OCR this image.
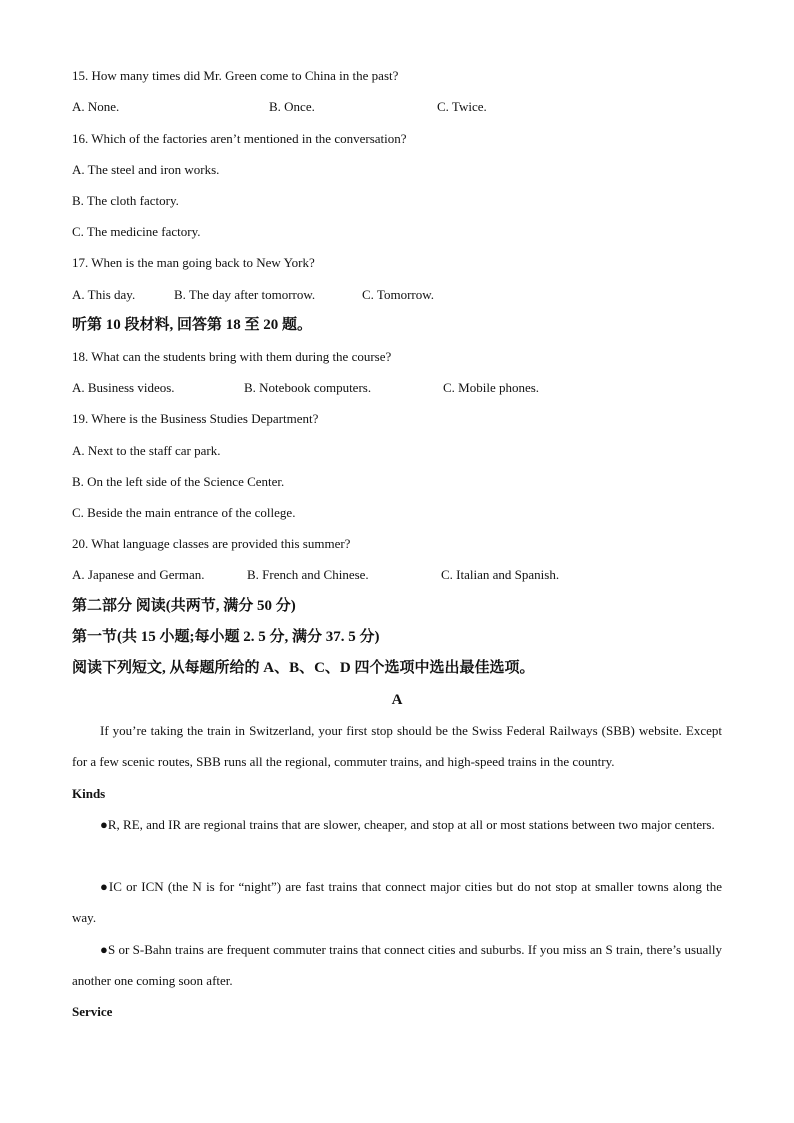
15. How many times did Mr. Green come to China in the past?
A. None.	B. Once.	C. Twice.
16. Which of the factories aren’t mentioned in the conversation?
A. The steel and iron works.
B. The cloth factory.
C. The medicine factory.
17. When is the man going back to New York?
A. This day.	B. The day after tomorrow.	C. Tomorrow.
听第 10 段材料, 回答第 18 至 20 题。
18. What can the students bring with them during the course?
A. Business videos.	B. Notebook computers.	C. Mobile phones.
19. Where is the Business Studies Department?
A. Next to the staff car park.
B. On the left side of the Science Center.
C. Beside the main entrance of the college.
20. What language classes are provided this summer?
A. Japanese and German.	B. French and Chinese.	C. Italian and Spanish.
第二部分 阅读(共两节, 满分 50 分)
第一节(共 15 小题;每小题 2. 5 分, 满分 37. 5 分)
阅读下列短文, 从每题所给的 A、B、C、D 四个选项中选出最佳选项。
A
If you’re taking the train in Switzerland, your first stop should be the Swiss Federal Railways (SBB) website. Except for a few scenic routes, SBB runs all the regional, commuter trains, and high-speed trains in the country.
Kinds
●R, RE, and IR are regional trains that are slower, cheaper, and stop at all or most stations between two major centers.
●IC or ICN (the N is for “night”) are fast trains that connect major cities but do not stop at smaller towns along the way.
●S or S-Bahn trains are frequent commuter trains that connect cities and suburbs. If you miss an S train, there’s usually another one coming soon after.
Service
